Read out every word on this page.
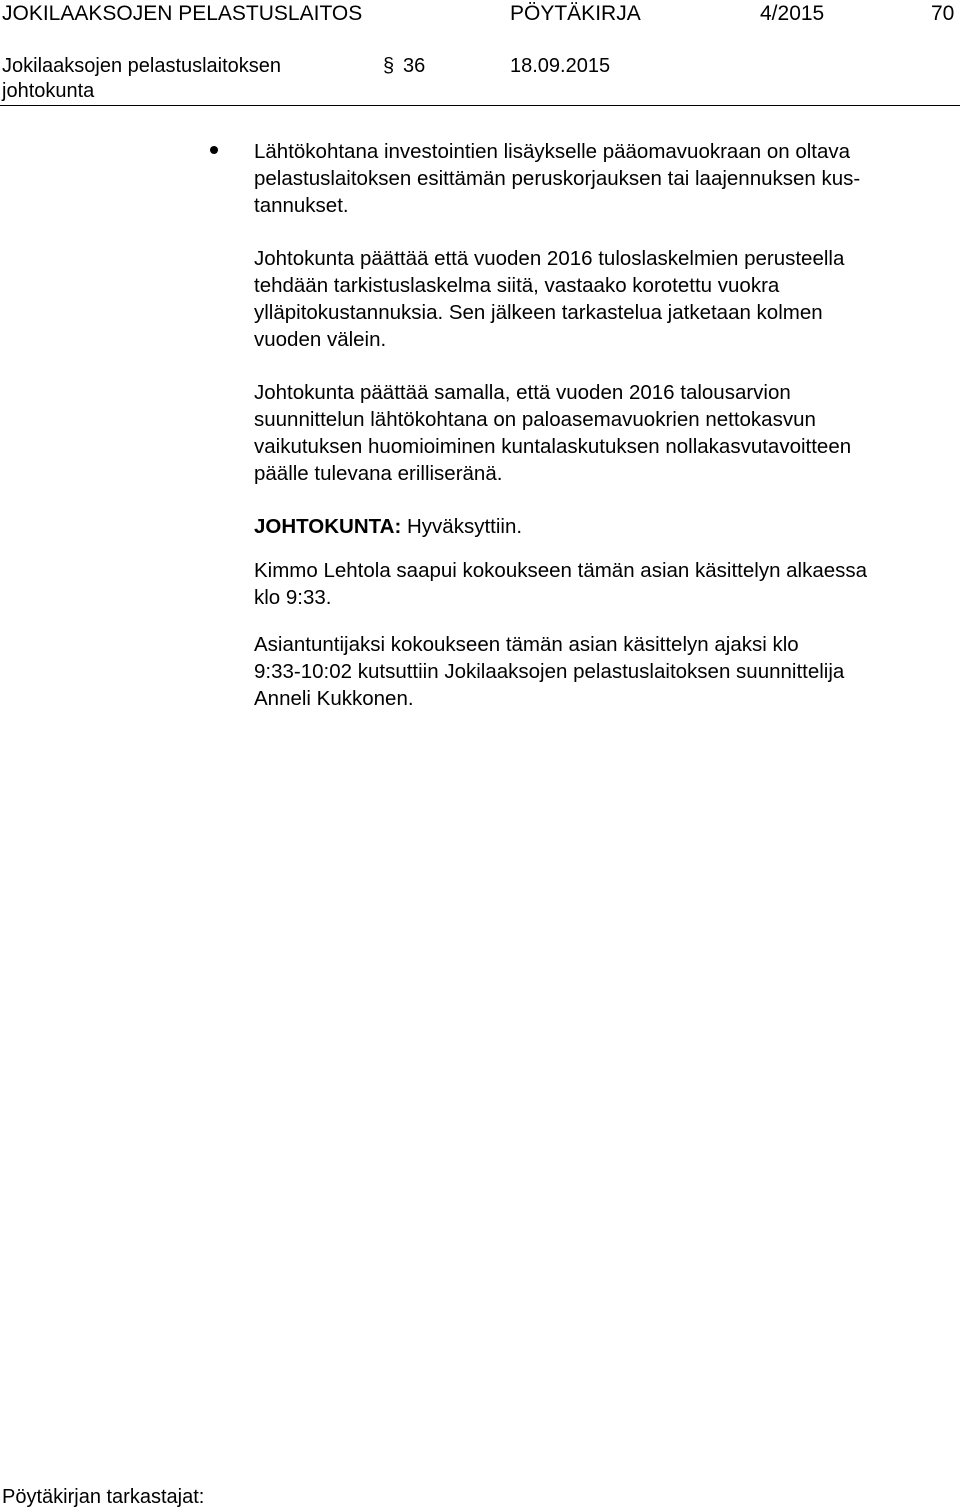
JOKILAAKSOJEN PELASTUSLAITOS	PÖYTÄKIRJA	4/2015	70
Jokilaaksojen pelastuslaitoksen
johtokunta
§ 36	18.09.2015
Lähtökohtana investointien lisäykselle pääomavuokraan on oltava
pelastuslaitoksen esittämän peruskorjauksen tai laajennuksen kus-
tannukset.
Johtokunta päättää että vuoden 2016 tuloslaskelmien perusteella
tehdään tarkistuslaskelma siitä, vastaako korotettu vuokra
ylläpitokustannuksia. Sen jälkeen tarkastelua jatketaan kolmen
vuoden välein.
Johtokunta päättää samalla, että vuoden 2016 talousarvion
suunnittelun lähtökohtana on paloasemavuokrien nettokasvun
vaikutuksen huomioiminen kuntalaskutuksen nollakasvutavoitteen
päälle tulevana erilliseränä.
JOHTOKUNTA: Hyväksyttiin.
Kimmo Lehtola saapui kokoukseen tämän asian käsittelyn alkaessa
klo 9:33.
Asiantuntijaksi kokoukseen tämän asian käsittelyn ajaksi klo
9:33-10:02 kutsuttiin Jokilaaksojen pelastuslaitoksen suunnittelija
Anneli Kukkonen.
Pöytäkirjan tarkastajat:
